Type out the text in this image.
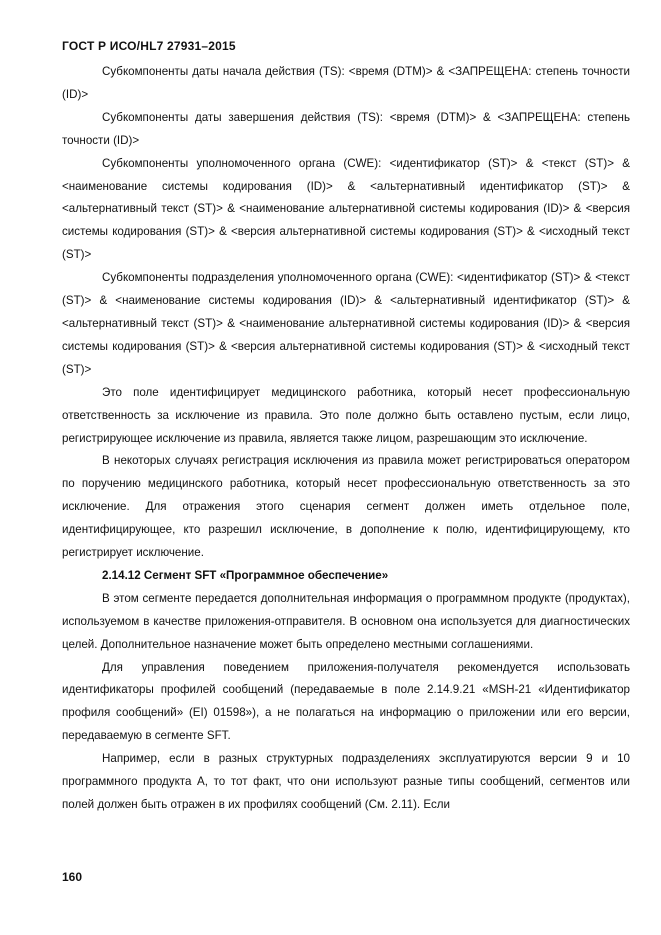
ГОСТ Р ИСО/HL7 27931–2015

Субкомпоненты даты начала действия (TS): <время (DTM)> & <ЗАПРЕЩЕНА: степень точности (ID)>

Субкомпоненты даты завершения действия (TS): <время (DTM)> & <ЗАПРЕЩЕНА: степень точности (ID)>

Субкомпоненты уполномоченного органа (CWE): <идентификатор (ST)> & <текст (ST)> & <наименование системы кодирования (ID)> & <альтернативный идентификатор (ST)> & <альтернативный текст (ST)> & <наименование альтернативной системы кодирования (ID)> & <версия системы кодирования (ST)> & <версия альтернативной системы кодирования (ST)> & <исходный текст (ST)>

Субкомпоненты подразделения уполномоченного органа (CWE): <идентификатор (ST)> & <текст (ST)> & <наименование системы кодирования (ID)> & <альтернативный идентификатор (ST)> & <альтернативный текст (ST)> & <наименование альтернативной системы кодирования (ID)> & <версия системы кодирования (ST)> & <версия альтернативной системы кодирования (ST)> & <исходный текст (ST)>

Это поле идентифицирует медицинского работника, который несет профессиональную ответственность за исключение из правила. Это поле должно быть оставлено пустым, если лицо, регистрирующее исключение из правила, является также лицом, разрешающим это исключение.

В некоторых случаях регистрация исключения из правила может регистрироваться оператором по поручению медицинского работника, который несет профессиональную ответственность за это исключение. Для отражения этого сценария сегмент должен иметь отдельное поле, идентифицирующее, кто разрешил исключение, в дополнение к полю, идентифицирующему, кто регистрирует исключение.

2.14.12 Сегмент SFT «Программное обеспечение»

В этом сегменте передается дополнительная информация о программном продукте (продуктах), используемом в качестве приложения-отправителя. В основном она используется для диагностических целей. Дополнительное назначение может быть определено местными соглашениями.

Для управления поведением приложения-получателя рекомендуется использовать идентификаторы профилей сообщений (передаваемые в поле 2.14.9.21 «MSH-21 «Идентификатор профиля сообщений» (EI) 01598»), а не полагаться на информацию о приложении или его версии, передаваемую в сегменте SFT.

Например, если в разных структурных подразделениях эксплуатируются версии 9 и 10 программного продукта А, то тот факт, что они используют разные типы сообщений, сегментов или полей должен быть отражен в их профилях сообщений (См. 2.11). Если

160
